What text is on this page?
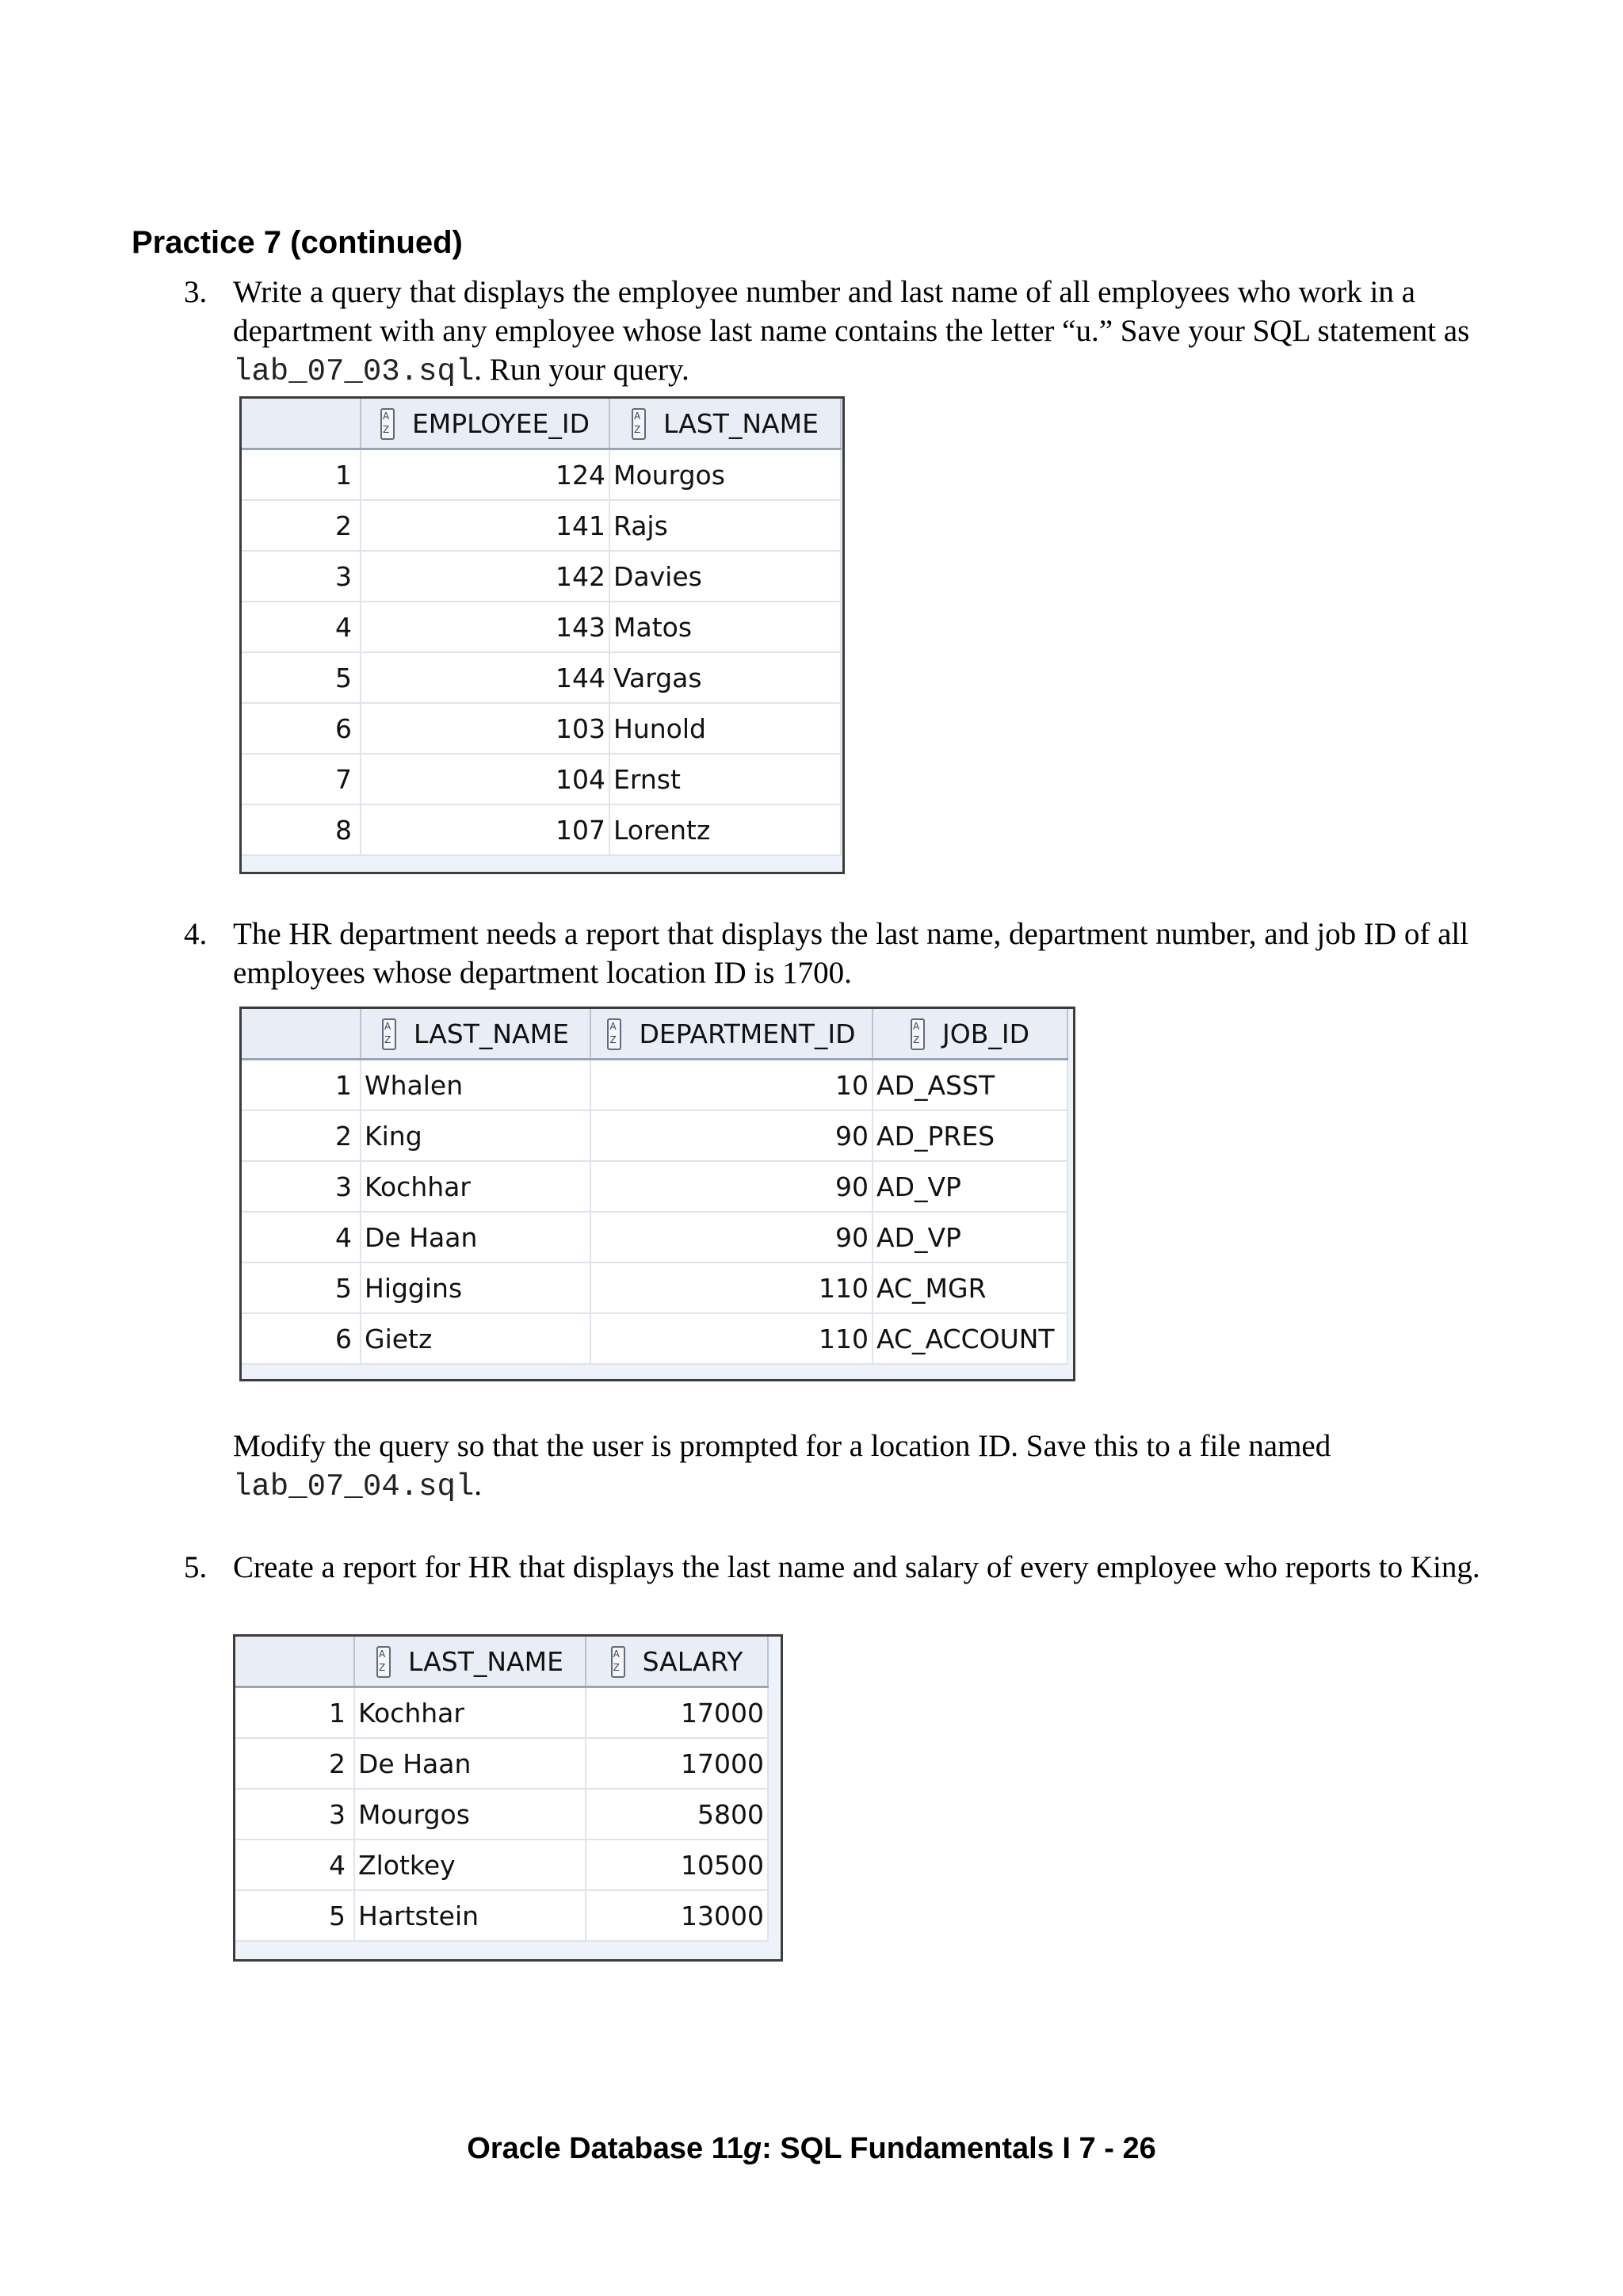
Practice 7 (continued)
3. Write a query that displays the employee number and last name of all employees who work in a department with any employee whose last name contains the letter “u.” Save your SQL statement as lab_07_03.sql. Run your query.
	A ZEMPLOYEE_ID	A ZLAST_NAME
1	124	Mourgos
2	141	Rajs
3	142	Davies
4	143	Matos
5	144	Vargas
6	103	Hunold
7	104	Ernst
8	107	Lorentz
4. The HR department needs a report that displays the last name, department number, and job ID of all employees whose department location ID is 1700.
	A ZLAST_NAME	A ZDEPARTMENT_ID	A ZJOB_ID
1	Whalen	10	AD_ASST
2	King	90	AD_PRES
3	Kochhar	90	AD_VP
4	De Haan	90	AD_VP
5	Higgins	110	AC_MGR
6	Gietz	110	AC_ACCOUNT
Modify the query so that the user is prompted for a location ID. Save this to a file named lab_07_04.sql.
5. Create a report for HR that displays the last name and salary of every employee who reports to King.
	A ZLAST_NAME	A ZSALARY
1	Kochhar	17000
2	De Haan	17000
3	Mourgos	5800
4	Zlotkey	10500
5	Hartstein	13000
Oracle Database 11g: SQL Fundamentals I 7 - 26
